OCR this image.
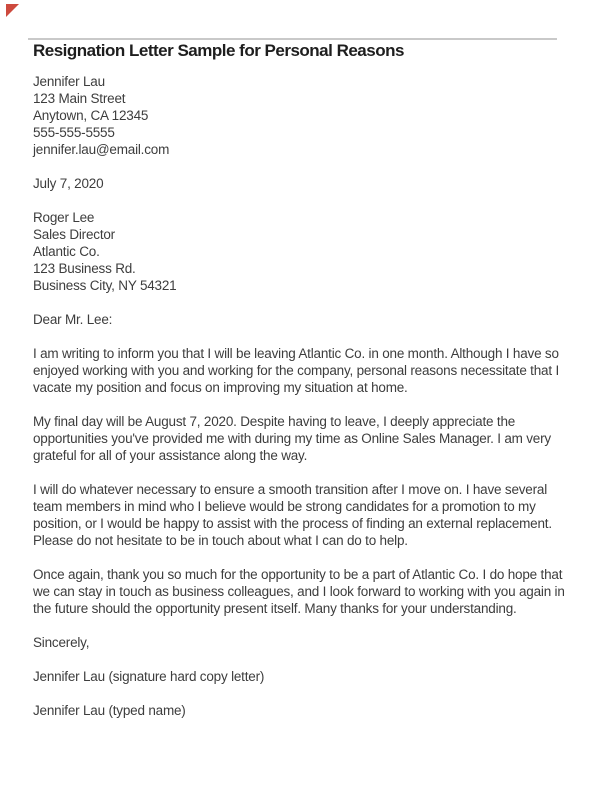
Resignation Letter Sample for Personal Reasons
Jennifer Lau
123 Main Street
Anytown, CA 12345
555-555-5555
jennifer.lau@email.com
July 7, 2020
Roger Lee
Sales Director
Atlantic Co.
123 Business Rd.
Business City, NY 54321
Dear Mr. Lee:

I am writing to inform you that I will be leaving Atlantic Co. in one month. Although I have so enjoyed working with you and working for the company, personal reasons necessitate that I vacate my position and focus on improving my situation at home.

My final day will be August 7, 2020. Despite having to leave, I deeply appreciate the opportunities you've provided me with during my time as Online Sales Manager. I am very grateful for all of your assistance along the way.

I will do whatever necessary to ensure a smooth transition after I move on. I have several team members in mind who I believe would be strong candidates for a promotion to my position, or I would be happy to assist with the process of finding an external replacement. Please do not hesitate to be in touch about what I can do to help.

Once again, thank you so much for the opportunity to be a part of Atlantic Co. I do hope that we can stay in touch as business colleagues, and I look forward to working with you again in the future should the opportunity present itself. Many thanks for your understanding.

Sincerely,
Jennifer Lau (signature hard copy letter)
Jennifer Lau (typed name)
